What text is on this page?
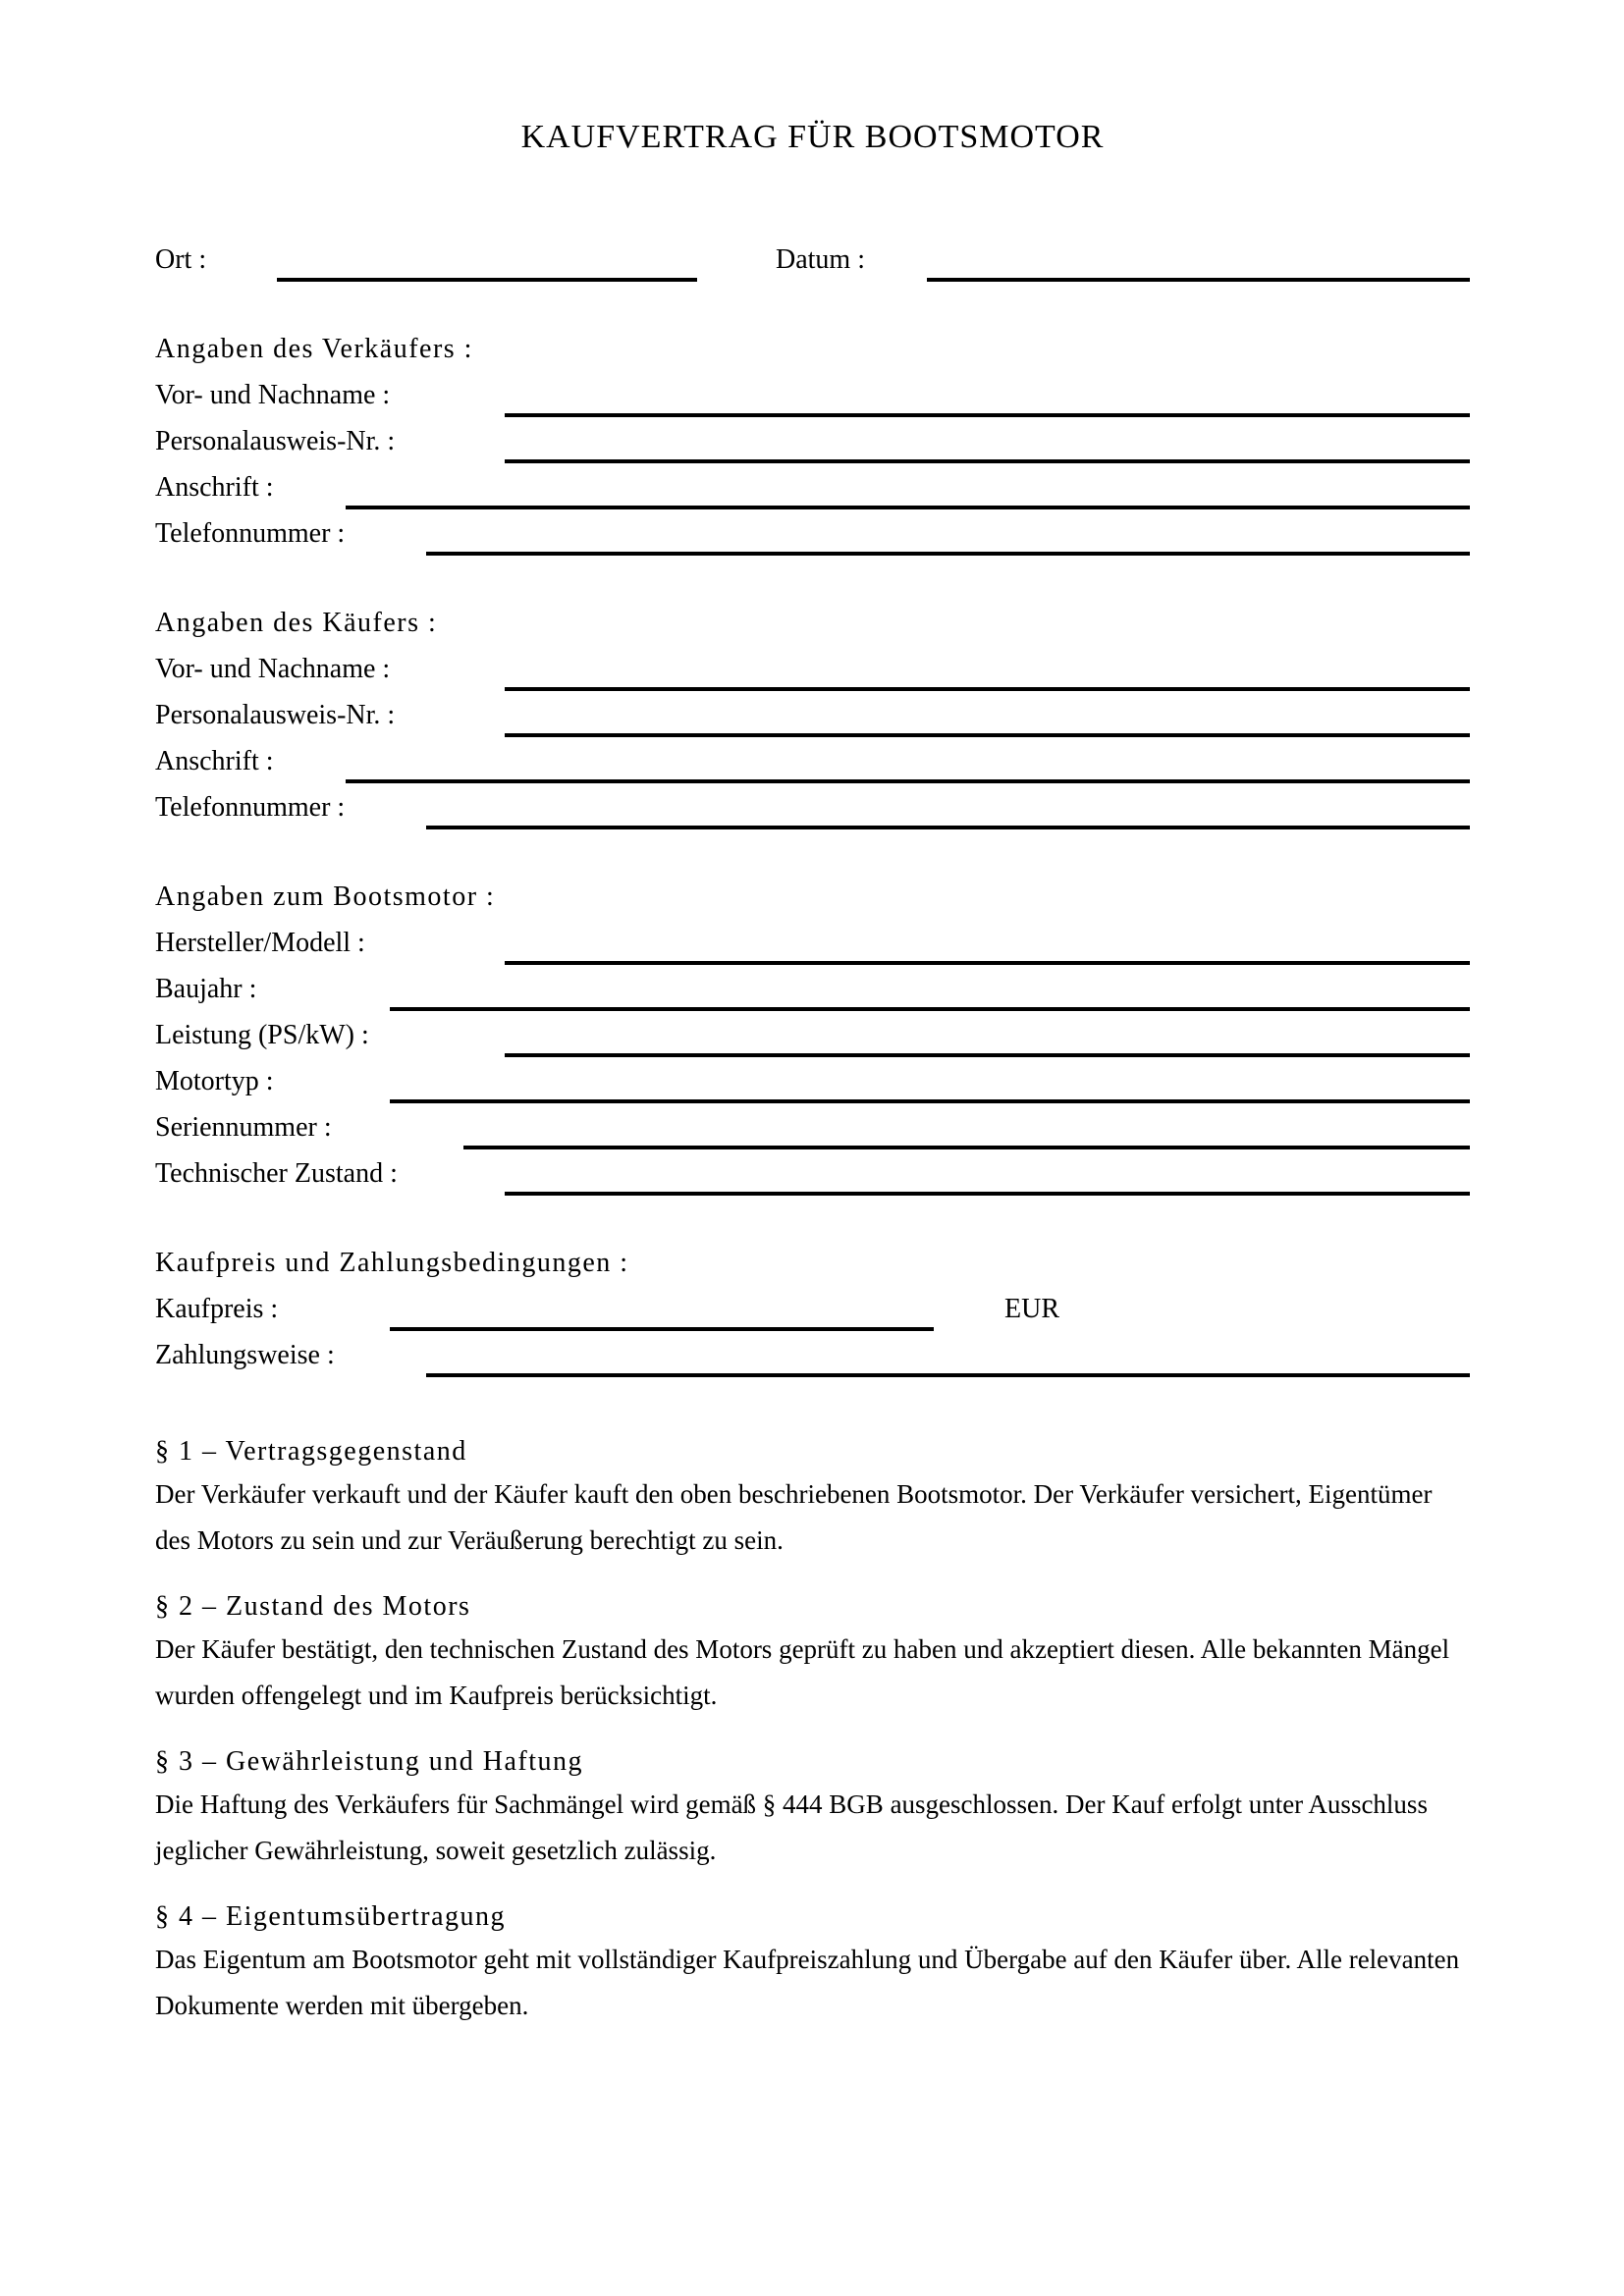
KAUFVERTRAG FÜR BOOTSMOTOR
Ort :	Datum :
Angaben des Verkäufers :
Vor- und Nachname :
Personalausweis-Nr. :
Anschrift :
Telefonnummer :
Angaben des Käufers :
Vor- und Nachname :
Personalausweis-Nr. :
Anschrift :
Telefonnummer :
Angaben zum Bootsmotor :
Hersteller/Modell :
Baujahr :
Leistung (PS/kW) :
Motortyp :
Seriennummer :
Technischer Zustand :
Kaufpreis und Zahlungsbedingungen :
Kaufpreis :	EUR
Zahlungsweise :
§ 1 – Vertragsgegenstand

Der Verkäufer verkauft und der Käufer kauft den oben beschriebenen Bootsmotor. Der Verkäufer versichert, Eigentümer des Motors zu sein und zur Veräußerung berechtigt zu sein.

§ 2 – Zustand des Motors

Der Käufer bestätigt, den technischen Zustand des Motors geprüft zu haben und akzeptiert diesen. Alle bekannten Mängel wurden offengelegt und im Kaufpreis berücksichtigt.

§ 3 – Gewährleistung und Haftung

Die Haftung des Verkäufers für Sachmängel wird gemäß § 444 BGB ausgeschlossen. Der Kauf erfolgt unter Ausschluss jeglicher Gewährleistung, soweit gesetzlich zulässig.

§ 4 – Eigentumsübertragung

Das Eigentum am Bootsmotor geht mit vollständiger Kaufpreiszahlung und Übergabe auf den Käufer über. Alle relevanten Dokumente werden mit übergeben.
